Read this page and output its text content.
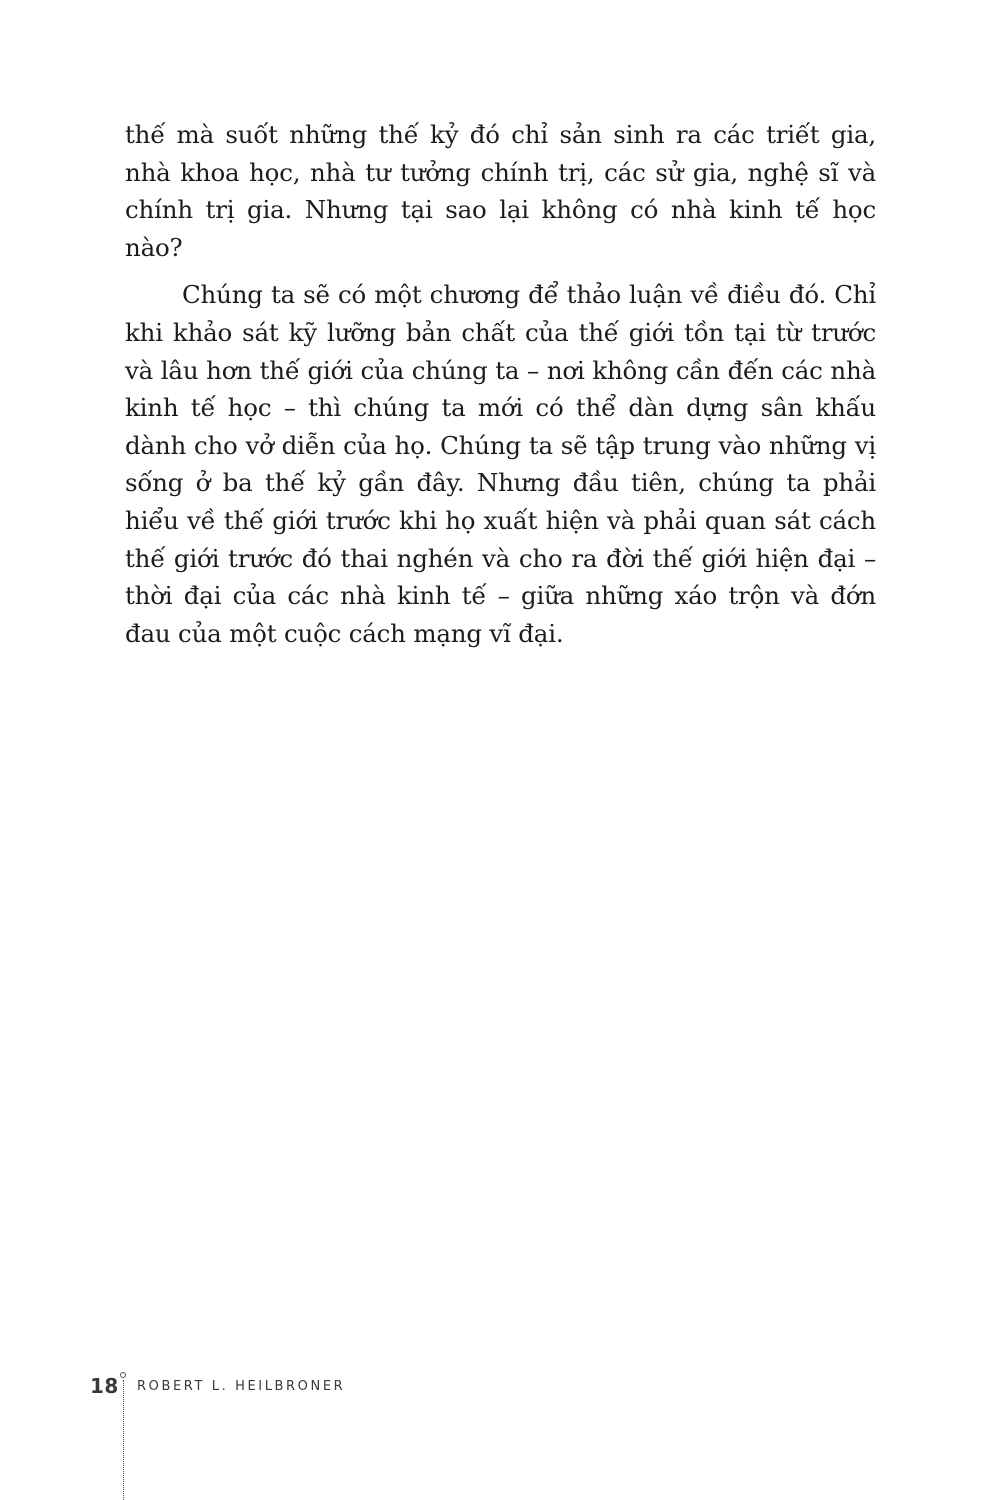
thế mà suốt những thế kỷ đó chỉ sản sinh ra các triết gia, nhà khoa học, nhà tư tưởng chính trị, các sử gia, nghệ sĩ và chính trị gia. Nhưng tại sao lại không có nhà kinh tế học nào?

Chúng ta sẽ có một chương để thảo luận về điều đó. Chỉ khi khảo sát kỹ lưỡng bản chất của thế giới tồn tại từ trước và lâu hơn thế giới của chúng ta – nơi không cần đến các nhà kinh tế học – thì chúng ta mới có thể dàn dựng sân khấu dành cho vở diễn của họ. Chúng ta sẽ tập trung vào những vị sống ở ba thế kỷ gần đây. Nhưng đầu tiên, chúng ta phải hiểu về thế giới trước khi họ xuất hiện và phải quan sát cách thế giới trước đó thai nghén và cho ra đời thế giới hiện đại – thời đại của các nhà kinh tế – giữa những xáo trộn và đớn đau của một cuộc cách mạng vĩ đại.

18 ROBERT L. HEILBRONER
